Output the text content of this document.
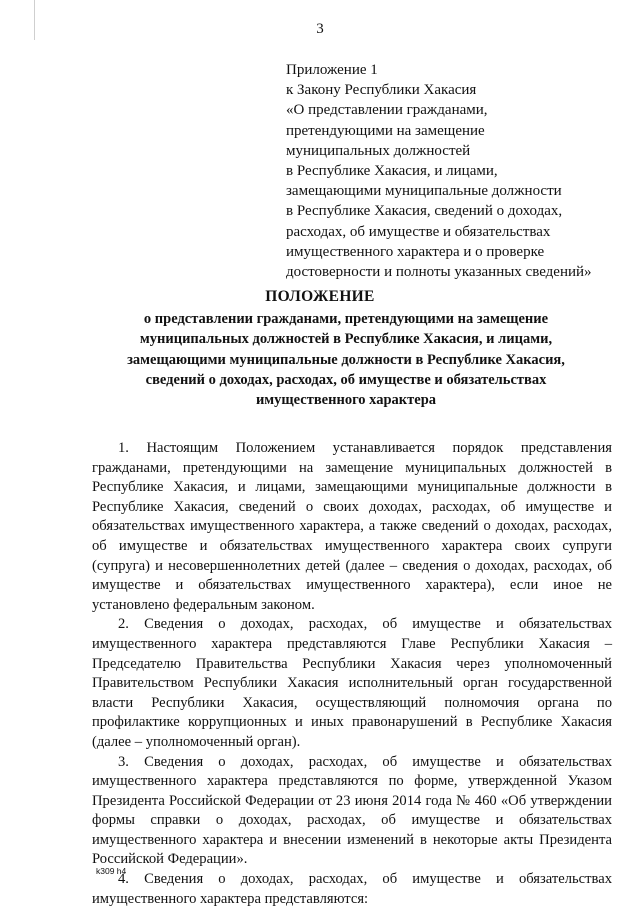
3
Приложение 1
к Закону Республики Хакасия
«О представлении гражданами,
претендующими на замещение
муниципальных должностей
в Республике Хакасия, и лицами,
замещающими муниципальные должности
в Республике Хакасия, сведений о доходах,
расходах, об имуществе и обязательствах
имущественного характера и о проверке
достоверности и полноты указанных сведений»
ПОЛОЖЕНИЕ
о представлении гражданами, претендующими на замещение
муниципальных должностей в Республике Хакасия, и лицами,
замещающими муниципальные должности в Республике Хакасия,
сведений о доходах, расходах, об имуществе и обязательствах
имущественного характера

1. Настоящим Положением устанавливается порядок представления гражданами, претендующими на замещение муниципальных должностей в Республике Хакасия, и лицами, замещающими муниципальные должности в Республике Хакасия, сведений о своих доходах, расходах, об имуществе и обязательствах имущественного характера, а также сведений о доходах, расходах, об имуществе и обязательствах имущественного характера своих супруги (супруга) и несовершеннолетних детей (далее – сведения о доходах, расходах, об имуществе и обязательствах имущественного характера), если иное не установлено федеральным законом.

2. Сведения о доходах, расходах, об имуществе и обязательствах имущественного характера представляются Главе Республики Хакасия – Председателю Правительства Республики Хакасия через уполномоченный Правительством Республики Хакасия исполнительный орган государственной власти Республики Хакасия, осуществляющий полномочия органа по профилактике коррупционных и иных правонарушений в Республике Хакасия (далее – уполномоченный орган).

3. Сведения о доходах, расходах, об имуществе и обязательствах имущественного характера представляются по форме, утвержденной Указом Президента Российской Федерации от 23 июня 2014 года № 460 «Об утверждении формы справки о доходах, расходах, об имуществе и обязательствах имущественного характера и внесении изменений в некоторые акты Президента Российской Федерации».

4. Сведения о доходах, расходах, об имуществе и обязательствах имущественного характера представляются:

k309 h4
